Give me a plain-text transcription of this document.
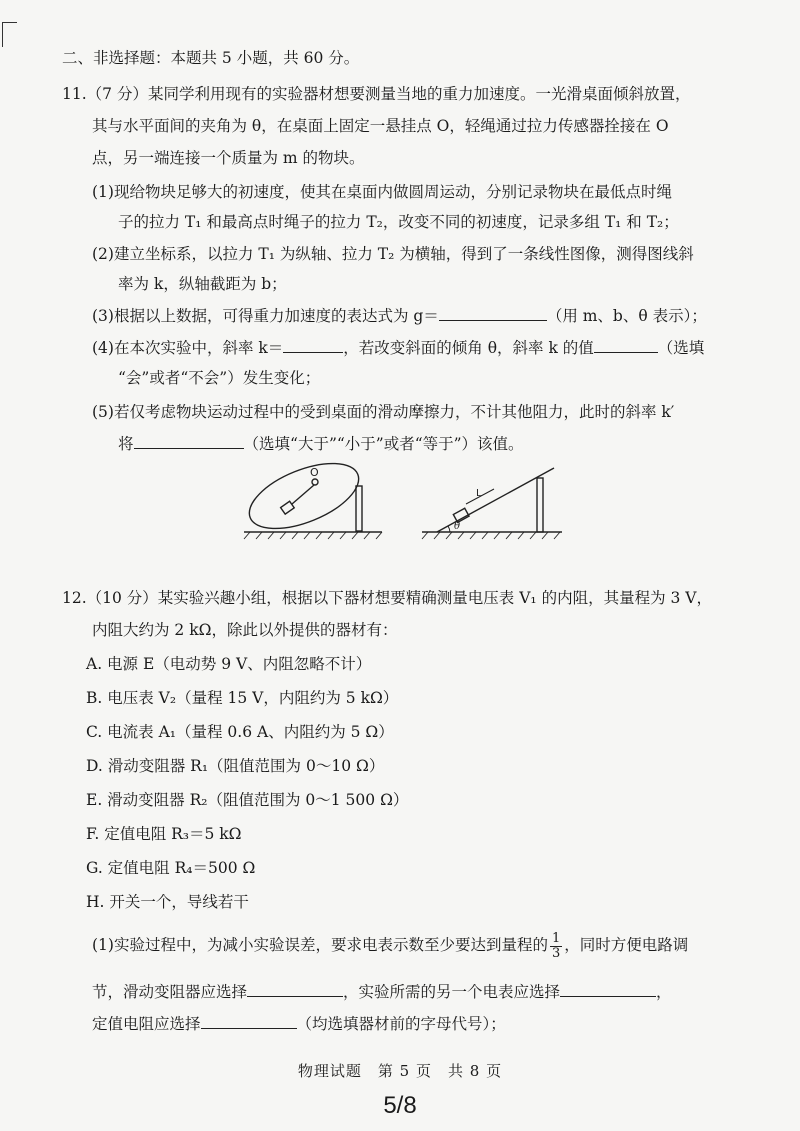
二、非选择题：本题共 5 小题，共 60 分。
11.（7 分）某同学利用现有的实验器材想要测量当地的重力加速度。一光滑桌面倾斜放置，
其与水平面间的夹角为 θ，在桌面上固定一悬挂点 O，轻绳通过拉力传感器拴接在 O
点，另一端连接一个质量为 m 的物块。
(1)现给物块足够大的初速度，使其在桌面内做圆周运动，分别记录物块在最低点时绳
子的拉力 T₁ 和最高点时绳子的拉力 T₂，改变不同的初速度，记录多组 T₁ 和 T₂；
(2)建立坐标系，以拉力 T₁ 为纵轴、拉力 T₂ 为横轴，得到了一条线性图像，测得图线斜
率为 k，纵轴截距为 b；
(3)根据以上数据，可得重力加速度的表达式为 g＝	（用 m、b、θ 表示）；
(4)在本次实验中，斜率 k＝	，若改变斜面的倾角 θ，斜率 k 的值	（选填
“会”或者“不会”）发生变化；
(5)若仅考虑物块运动过程中的受到桌面的滑动摩擦力，不计其他阻力，此时的斜率 k′
将	（选填“大于”“小于”或者“等于”）该值。
O
L
θ
12.（10 分）某实验兴趣小组，根据以下器材想要精确测量电压表 V₁ 的内阻，其量程为 3 V，
内阻大约为 2 kΩ，除此以外提供的器材有：
A. 电源 E（电动势 9 V、内阻忽略不计）
B. 电压表 V₂（量程 15 V，内阻约为 5 kΩ）
C. 电流表 A₁（量程 0.6 A、内阻约为 5 Ω）
D. 滑动变阻器 R₁（阻值范围为 0～10 Ω）
E. 滑动变阻器 R₂（阻值范围为 0～1 500 Ω）
F. 定值电阻 R₃＝5 kΩ
G. 定值电阻 R₄＝500 Ω
H. 开关一个，导线若干
(1)实验过程中，为减小实验误差，要求电表示数至少要达到量程的 $\frac{1}{3}$ ，同时方便电路调
节，滑动变阻器应选择	，实验所需的另一个电表应选择	，
定值电阻应选择	（均选填器材前的字母代号）；
物理试题　第 5 页　共 8 页
5/8
